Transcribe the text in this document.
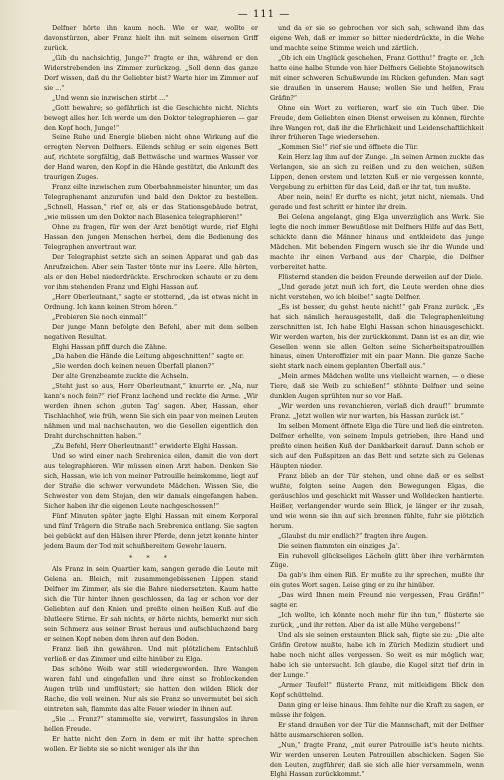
— 111 —

Delfner hörte ihn kaum noch. Wie er war, wollte er davonstürzen, aber Franz hielt ihn mit seinem eisernen Griff zurück.

„Gib du nachsichtig, Junge?“ fragte er ihn, während er den Widerstrebenden ins Zimmer zurückzog. „Soll denn das ganze Dorf wissen, daß du ihr Geliebter bist? Warte hier im Zimmer auf sie ...“

„Und wenn sie inzwischen stirbt ...“

„Gott bewahre; so gefährlich ist die Geschichte nicht. Nichts bewegt alles her. Ich werde um den Doktor telegraphieren — gar den Kopf hoch, Junge!“

Seine Ruhe und Energie blieben nicht ohne Wirkung auf die erregten Nerven Delfners. Eilends schlug er sein eigenes Bett auf, richtete sorgfältig, daß Bettwäsche und warmes Wasser vor der Hand waren, den Kopf in die Hände gestützt, die Ankunft des traurigen Zuges.

Franz eilte inzwischen zum Oberbahnmeister hinunter, um das Telegraphenamt anzurufen und bald den Doktor zu bestellen. „Schnell, Hassan,“ rief er, als er das Stationsgebäude betrat, „wie müssen um den Doktor nach Blasenica telegraphieren!“

Ohne zu fragen, für wen der Arzt benötigt wurde, rief Elghi Hassan den jungen Menschen herbei, dem die Bedienung des Telegraphen anvertraut war.

Der Telegraphist setzte sich an seinen Apparat und gab das Anrufzeichen. Aber sein Taster tönte nur ins Leere. Alle hörten, als er den Hebel niederdrückte. Erschrocken schaute er zu dem vor ihm stehenden Franz und Elghi Hassan auf.

„Herr Oberleutnant,“ sagte er stotternd, „da ist etwas nicht in Ordnung. Ich kann keinen Strom hören.“

„Probieren Sie noch einmal!“

Der junge Mann befolgte den Befehl, aber mit dem selben negativen Resultat.

Elghi Hassan pfiff durch die Zähne.

„Da haben die Hände die Leitung abgeschnitten!“ sagte er.

„Sie werden doch keinen neuen Überfall planen?“

Der alte Grenzbeamte zuckte die Achseln.

„Steht just so aus, Herr Oberleutnant,“ knurrte er. „Na, nur kann's noch fein?“ rief Franz lachend und reckte die Arme. „Wir werden ihnen schon ‚guten Tag‘ sagen. Aber, Hassan, eher Tischlachhof, wie früh, wenn Sie sich ein paar von meinen Leuten nähmen und mal nachschauten, wo die Gesellen eigentlich den Draht durchschnitten haben.“

„Zu Befehl, Herr Oberleutnant!“ erwiderte Elghi Hassan.

Und so wird einer nach Srebrenica eilen, damit die von dort aus telegraphieren. Wir müssen einen Arzt haben. Denken Sie sich, Hassan, wie ich von meiner Patrouille heimkomme, liegt auf der Straße die schwer verwundete Mädchen. Wissen Sie, die Schwester von dem Stojan, den wir damals eingefangen haben. Sicher haben ihr die eigenen Leute nachgeschossen!“

Fünf Minuten später jagte Elghi Hassan mit einem Korporal und fünf Trägern die Straße nach Srebrenica entlang. Sie sagten bei gebückt auf den Hälsen ihrer Pferde, denn jetzt konnte hinter jedem Baum der Tod mit schußbereitem Gewehr lauern.

* * *

Als Franz in sein Quartier kam, sangen gerade die Leute mit Gelena an. Bleich, mit zusammengebissenen Lippen stand Delfner im Zimmer, als sie die Bahre niedersetzten. Kaum hatte sich die Tür hinter ihnen geschlossen, da lag er schon vor der Geliebten auf den Knien und preßte einen heißen Kuß auf die blutleere Stirne. Er sah nichts, er hörte nichts, bemerkt nur sich sein Schmerz aus seiner Brust heraus und aufschluchzend barg er seinen Kopf neben dem ihren auf den Boden.

Franz ließ ihn gewähren. Und mit plötzlichem Entschluß verließ er das Zimmer und eilte hinüber zu Elga.

Das schöne Weib war still wiedergeworden. Ihre Wangen waren fahl und eingefallen und ihre einst so frohlockenden Augen trüb und umflüstert; sie hatten den wilden Blick der Rache, die voll weinen. Nur als sie Franz so unvermutet bei sich eintreten sah, flammte das alte Feuer wieder in ihnen auf.

„Sie ... Franz?“ stammelte sie, verwirrt, fassungslos in ihren hellen Freude.

Er hatte nicht den Zorn in dem er mit ihr hatte sprechen wollen. Er liebte sie so nicht weniger als ihr ihn

und da er sie so gebrochen vor sich sah, schwand ihm das eigene Weh, daß er immer so bitter niederdrückte, in die Wehe und machte seine Stimme weich und zärtlich.

„Ob ich ein Unglück geschehen, Franz Gotthu!“ fragte er. „Ich hatte eine halbe Stunde von hier Delfners Geliebte Stojanowitsch mit einer schweren Schußwunde im Rücken gefunden. Man sagt sie draußen in unserem Hause; wollen Sie und helfen, Frau Gräfin?“

Ohne ein Wort zu verlieren, warf sie ein Tuch über. Die Freude, dem Geliebten einen Dienst erweisen zu können, fürchte ihre Wangen rot, daß ihr die Ehrlichkeit und Leidenschaftlichkeit ihrer früheren Tage wiedersehen.

„Kommen Sie!“ rief sie und öffnete die Tür.

Kein Herz lag ihm auf der Zunge. „In seinen Armen zuckte das Verlangen, sie an sich zu reißen und zu den weichen, süßen Lippen, denen erstem und letzten Kuß er nie vergessen konnte, Vergebung zu erbitten für das Leid, daß er ihr tat, tun mußte.

Aber nein, nein! Er durfte es nicht, jetzt nicht, niemals. Und gerade und fest schritt er hinter ihr drein.

Bei Gelena angelangt, ging Elga unverzüglich ans Werk. Sie legte die noch immer Bewußtlose mit Delfners Hilfe auf das Bett, schickte dann die Männer hinaus und entkleidete das junge Mädchen. Mit bebenden Fingern wusch sie ihr die Wunde und machte ihr einen Verband aus der Charpie, die Delfner vorbereitet hatte.

Flüsternd standen die beiden Freunde derweilen auf der Diele.

„Und gerade jetzt muß ich fort, die Leute werden ohne dies nicht verstehen, wo ich bleibe!“ sagte Delfner.

„Es ist besser, du gehst heute nicht!“ gab Franz zurück. „Es hat sich nämlich herausgestellt, daß die Telegraphenleitung zerschnitten ist. Ich habe Elghi Hassan schon hinausgeschickt. Wir werden warten, bis der zurückkommt. Dann ist es an dir, wie Gesellen wenn sie allen Gelten seine Sicherheitspatrouillen hinaus, einen Unteroffizier mit ein paar Mann. Die ganze Sache sieht stark nach einem geplanten Überfall aus.“

„Mein armes Mädchen wollte uns vielleicht warnen, — o diese Tiere, daß sie Weib zu schießen!“ stöhnte Delfner und seine dunklen Augen sprühten nur so vor Haß.

„Wir werden uns revanchieren, verlaß dich drauf!“ brummte Franz. „Jetzt wollen wir nur warten, bis Hassan zurück ist.“

Im selben Moment öffnete Elga die Türe und ließ die eintreten. Delfner erhellte, von seinem Impuls getrieben, ihre Hand und preßte einen heißen Kuß der Dankbarkeit darauf. Dann schob er sich auf den Fußspitzen an das Bett und setzte sich zu Gelenas Häupten nieder.

Franz blieb an der Tür stehen, und ohne daß er es selbst wußte, folgten seine Augen den Bewegungen Elgas, die geräuschlos und geschickt mit Wasser und Wolldecken hantierte. Heißer, verlangender wurde sein Blick, je länger er ihr zusah, und wie wenn sie ihn auf sich brennen fühlte, fuhr sie plötzlich herum.

„Glaubst du mir endlich?“ fragten ihre Augen.

Die seinen flammten ein einziges ‚Ja‘.

Ein ruhevoll glückseliges Lächeln glitt über ihre verhärmten Züge.

Da gab's ihm einen Riß. Er mußte zu ihr sprechen, mußte ihr ein gutes Wort sagen. Leise ging er zu ihr hinüber.

„Das wird Ihnen mein Freund nie vergessen, Frau Gräfin!“ sagte er.

„Ich wollte, ich könnte noch mehr für ihn tun,“ flüsterte sie zurück, „und ihr retten. Aber da ist alle Mühe vergebens!“

Und als sie seinen erstaunten Blick sah, fügte sie zu: „Die alte Gräfin Gretow mußte, habe ich in Zürich Medizin studiert und habe noch nicht alles vergessen. So weit es mir möglich war, habe ich sie untersucht. Ich glaube, die Kugel sitzt tief drin in der Lunge.“

„Armer Teufel!“ flüsterte Franz, mit mitleidigem Blick den Kopf schüttelnd.

Dann ging er leise hinaus. Ihm fehlte nur die Kraft zu sagen, er müsse ihr folgen.

Er stand draußen vor der Tür die Mannschaft, mit der Delfner hätte ausmarschieren sollen.

„Nun,“ fragte Franz, „mit eurer Patrouille ist's heute nichts. Wir werden unseren Leuten Patrouillen abschicken. Sagen Sie den Leuten, zugführer, daß sie sich alle hier versammeln, wenn Elghi Hassan zurückkommt.“
